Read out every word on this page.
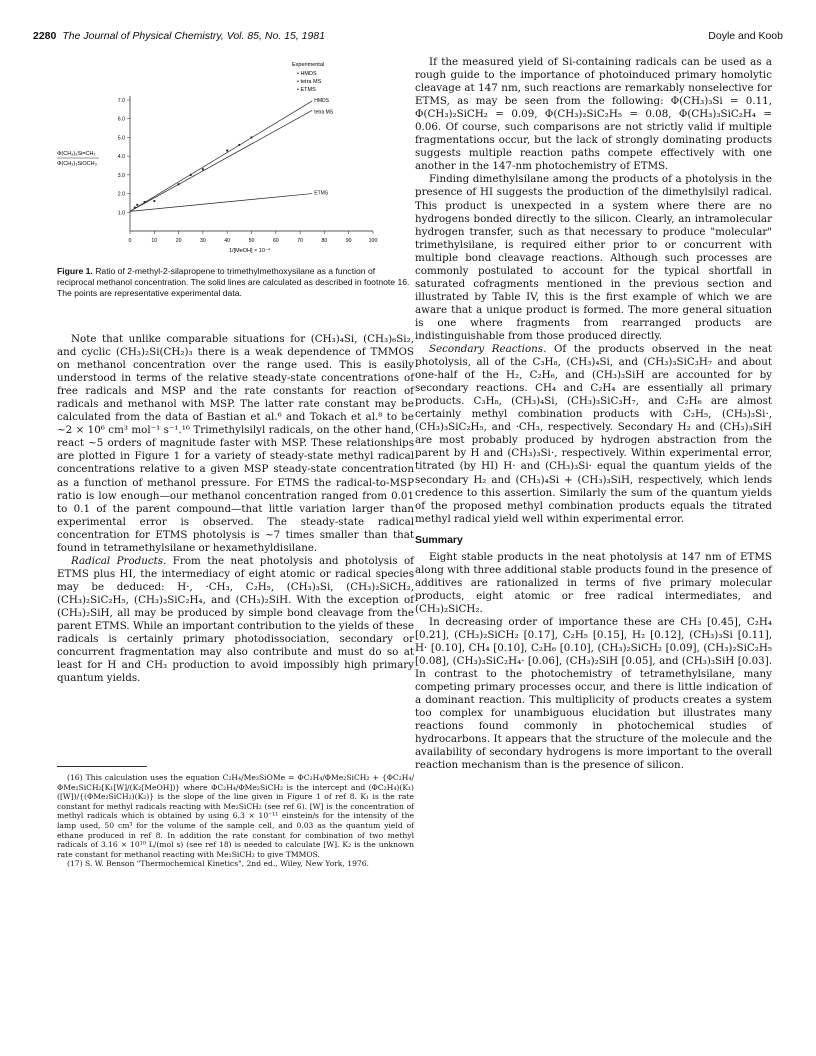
2280 The Journal of Physical Chemistry, Vol. 85, No. 15, 1981	Doyle and Koob
Experimental
• HMDS
• tetra MS
• ETMS
Φ(CH₃)₂Si=CH₂
Φ(CH₃)₃SiOCH₃
0	10	20	30	40	50	60	70	80	90	100
1.0
2.0
3.0
4.0
5.0
6.0
7.0	HMDS
tetra MS
ETMS
1/[MeOH] × 10⁻⁴
Figure 1. Ratio of 2-methyl-2-silapropene to trimethylmethoxysilane as a function of reciprocal methanol concentration. The solid lines are calculated as described in footnote 16. The points are representative experimental data.

Note that unlike comparable situations for (CH₃)₄Si, (CH₃)₆Si₂, and cyclic (CH₃)₂Si(CH₂)₃ there is a weak dependence of TMMOS on methanol concentration over the range used. This is easily understood in terms of the relative steady-state concentrations of free radicals and MSP and the rate constants for reaction of radicals and methanol with MSP. The latter rate constant may be calculated from the data of Bastian et al.⁶ and Tokach et al.⁸ to be ~2 × 10⁶ cm³ mol⁻¹ s⁻¹.¹⁶ Trimethylsilyl radicals, on the other hand, react ~5 orders of magnitude faster with MSP. These relationships are plotted in Figure 1 for a variety of steady-state methyl radical concentrations relative to a given MSP steady-state concentration as a function of methanol pressure. For ETMS the radical-to-MSP ratio is low enough—our methanol concentration ranged from 0.01 to 0.1 of the parent compound—that little variation larger than experimental error is observed. The steady-state radical concentration for ETMS photolysis is ~7 times smaller than that found in tetramethylsilane or hexamethyldisilane.

Radical Products. From the neat photolysis and photolysis of ETMS plus HI, the intermediacy of eight atomic or radical species may be deduced: H·, ·CH₃, C₂H₅, (CH₃)₃Si, (CH₃)₂SiCH₂, (CH₃)₂SiC₂H₅, (CH₃)₃SiC₂H₄, and (CH₃)₂SiH. With the exception of (CH₃)₂SiH, all may be produced by simple bond cleavage from the parent ETMS. While an important contribution to the yields of these radicals is certainly primary photodissociation, secondary or concurrent fragmentation may also contribute and must do so at least for H and CH₃ production to avoid impossibly high primary quantum yields.

(16) This calculation uses the equation C₂H₄/Me₃SiOMe = ΦC₂H₄/ΦMe₂SiCH₂ + {ΦC₂H₄/ΦMe₂SiCH₂[K₁[W]/(K₂[MeOH])} where ΦC₂H₄/ΦMe₂SiCH₂ is the intercept and (ΦC₂H₄)(K₁)([W])/{(ΦMe₂SiCH₂)(K₂)} is the slope of the line given in Figure 1 of ref 8. K₁ is the rate constant for methyl radicals reacting with Me₂SiCH₂ (see ref 6). [W] is the concentration of methyl radicals which is obtained by using 6.3 × 10⁻¹¹ einstein/s for the intensity of the lamp used, 50 cm³ for the volume of the sample cell, and 0.03 as the quantum yield of ethane produced in ref 8. In addition the rate constant for combination of two methyl radicals of 3.16 × 10¹⁰ L/(mol s) (see ref 18) is needed to calculate [W]. K₂ is the unknown rate constant for methanol reacting with Me₂SiCH₂ to give TMMOS.

(17) S. W. Benson "Thermochemical Kinetics", 2nd ed., Wiley, New York, 1976.

If the measured yield of Si-containing radicals can be used as a rough guide to the importance of photoinduced primary homolytic cleavage at 147 nm, such reactions are remarkably nonselective for ETMS, as may be seen from the following: Φ(CH₃)₃Si = 0.11, Φ(CH₃)₂SiCH₂ = 0.09, Φ(CH₃)₂SiC₂H₅ = 0.08, Φ(CH₃)₃SiC₂H₄ = 0.06. Of course, such comparisons are not strictly valid if multiple fragmentations occur, but the lack of strongly dominating products suggests multiple reaction paths compete effectively with one another in the 147-nm photochemistry of ETMS.

Finding dimethylsilane among the products of a photolysis in the presence of HI suggests the production of the dimethylsilyl radical. This product is unexpected in a system where there are no hydrogens bonded directly to the silicon. Clearly, an intramolecular hydrogen transfer, such as that necessary to produce "molecular" trimethylsilane, is required either prior to or concurrent with multiple bond cleavage reactions. Although such processes are commonly postulated to account for the typical shortfall in saturated cofragments mentioned in the previous section and illustrated by Table IV, this is the first example of which we are aware that a unique product is formed. The more general situation is one where fragments from rearranged products are indistinguishable from those produced directly.

Secondary Reactions. Of the products observed in the neat photolysis, all of the C₃H₈, (CH₃)₄Si, and (CH₃)₃SiC₃H₇ and about one-half of the H₂, C₂H₆, and (CH₃)₃SiH are accounted for by secondary reactions. CH₄ and C₂H₄ are essentially all primary products. C₃H₈, (CH₃)₄Si, (CH₃)₃SiC₃H₇, and C₂H₆ are almost certainly methyl combination products with C₂H₅, (CH₃)₃Si·, (CH₃)₃SiC₂H₅, and ·CH₃, respectively. Secondary H₂ and (CH₃)₃SiH are most probably produced by hydrogen abstraction from the parent by H and (CH₃)₃Si·, respectively. Within experimental error, titrated (by HI) H· and (CH₃)₃Si· equal the quantum yields of the secondary H₂ and (CH₃)₄Si + (CH₃)₃SiH, respectively, which lends credence to this assertion. Similarly the sum of the quantum yields of the proposed methyl combination products equals the titrated methyl radical yield well within experimental error.

Summary

Eight stable products in the neat photolysis at 147 nm of ETMS along with three additional stable products found in the presence of additives are rationalized in terms of five primary molecular products, eight atomic or free radical intermediates, and (CH₃)₂SiCH₂.

In decreasing order of importance these are CH₃ [0.45], C₂H₄ [0.21], (CH₃)₂SiCH₂ [0.17], C₂H₅ [0.15], H₂ [0.12], (CH₃)₃Si [0.11], H· [0.10], CH₄ [0.10], C₂H₆ [0.10], (CH₃)₂SiCH₂ [0.09], (CH₃)₂SiC₂H₅ [0.08], (CH₃)₃SiC₂H₄· [0.06], (CH₃)₂SiH [0.05], and (CH₃)₃SiH [0.03]. In contrast to the photochemistry of tetramethylsilane, many competing primary processes occur, and there is little indication of a dominant reaction. This multiplicity of products creates a system too complex for unambiguous elucidation but illustrates many reactions found commonly in photochemical studies of hydrocarbons. It appears that the structure of the molecule and the availability of secondary hydrogens is more important to the overall reaction mechanism than is the presence of silicon.
